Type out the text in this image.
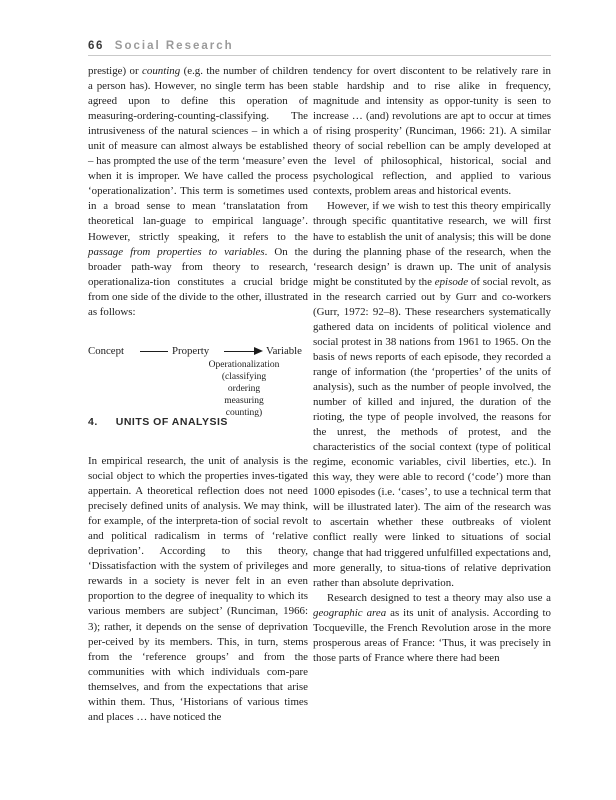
66 Social Research

prestige) or counting (e.g. the number of children a person has). However, no single term has been agreed upon to define this operation of measuring-ordering-counting-classifying. The intrusiveness of the natural sciences – in which a unit of measure can almost always be established – has prompted the use of the term ‘measure’ even when it is improper. We have called the process ‘operationalization’. This term is sometimes used in a broad sense to mean ‘translatation from theoretical lan-guage to empirical language’. However, strictly speaking, it refers to the passage from properties to variables. On the broader path-way from theory to research, operationaliza-tion constitutes a crucial bridge from one side of the divide to the other, illustrated as follows:

Concept	Property	Variable
Operationalization
(classifying
ordering
measuring
counting)
4. UNITS OF ANALYSIS

In empirical research, the unit of analysis is the social object to which the properties inves-tigated appertain. A theoretical reflection does not need precisely defined units of analysis. We may think, for example, of the interpreta-tion of social revolt and political radicalism in terms of ‘relative deprivation’. According to this theory, ‘Dissatisfaction with the system of privileges and rewards in a society is never felt in an even proportion to the degree of inequality to which its various members are subject’ (Runciman, 1966: 3); rather, it depends on the sense of deprivation per-ceived by its members. This, in turn, stems from the ‘reference groups’ and from the communities with which individuals com-pare themselves, and from the expectations that arise within them. Thus, ‘Historians of various times and places … have noticed the

tendency for overt discontent to be relatively rare in stable hardship and to rise alike in frequency, magnitude and intensity as oppor-tunity is seen to increase … (and) revolutions are apt to occur at times of rising prosperity’ (Runciman, 1966: 21). A similar theory of social rebellion can be amply developed at the level of philosophical, historical, social and psychological reflection, and applied to various contexts, problem areas and historical events.

However, if we wish to test this theory empirically through specific quantitative research, we will first have to establish the unit of analysis; this will be done during the planning phase of the research, when the ‘research design’ is drawn up. The unit of analysis might be constituted by the episode of social revolt, as in the research carried out by Gurr and co-workers (Gurr, 1972: 92–8). These researchers systematically gathered data on incidents of political violence and social protest in 38 nations from 1961 to 1965. On the basis of news reports of each episode, they recorded a range of information (the ‘properties’ of the units of analysis), such as the number of people involved, the number of killed and injured, the duration of the rioting, the type of people involved, the reasons for the unrest, the methods of protest, and the characteristics of the social context (type of political regime, economic variables, civil liberties, etc.). In this way, they were able to record (‘code’) more than 1000 episodes (i.e. ‘cases’, to use a technical term that will be illustrated later). The aim of the research was to ascertain whether these outbreaks of violent conflict really were linked to situations of social change that had triggered unfulfilled expectations and, more generally, to situa-tions of relative deprivation rather than absolute deprivation.

Research designed to test a theory may also use a geographic area as its unit of analysis. According to Tocqueville, the French Revolution arose in the more prosperous areas of France: ‘Thus, it was precisely in those parts of France where there had been
